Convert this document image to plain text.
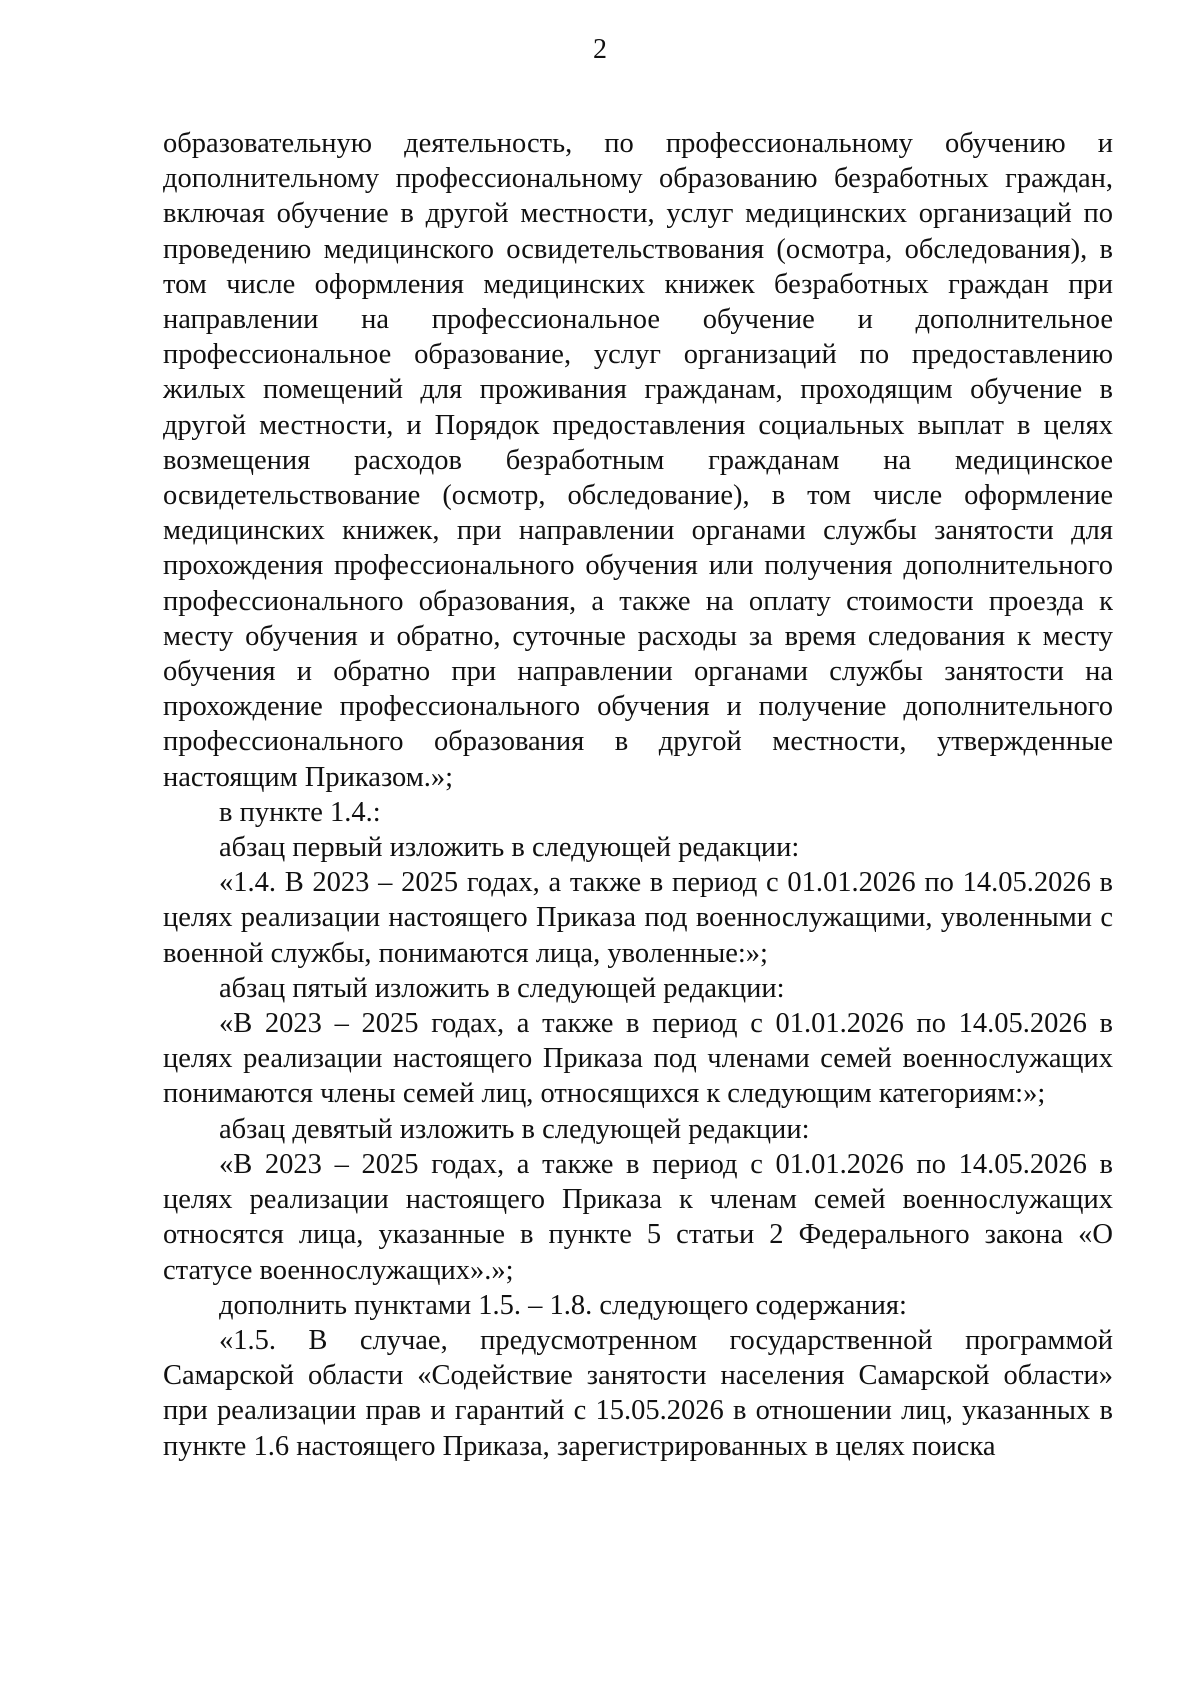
2

образовательную деятельность, по профессиональному обучению и дополнительному профессиональному образованию безработных граждан, включая обучение в другой местности, услуг медицинских организаций по проведению медицинского освидетельствования (осмотра, обследования), в том числе оформления медицинских книжек безработных граждан при направлении на профессиональное обучение и дополнительное профессиональное образование, услуг организаций по предоставлению жилых помещений для проживания гражданам, проходящим обучение в другой местности, и Порядок предоставления социальных выплат в целях возмещения расходов безработным гражданам на медицинское освидетельствование (осмотр, обследование), в том числе оформление медицинских книжек, при направлении органами службы занятости для прохождения профессионального обучения или получения дополнительного профессионального образования, а также на оплату стоимости проезда к месту обучения и обратно, суточные расходы за время следования к месту обучения и обратно при направлении органами службы занятости на прохождение профессионального обучения и получение дополнительного профессионального образования в другой местности, утвержденные настоящим Приказом.»;

в пункте 1.4.:

абзац первый изложить в следующей редакции:

«1.4. В 2023 – 2025 годах, а также в период с 01.01.2026 по 14.05.2026 в целях реализации настоящего Приказа под военнослужащими, уволенными с военной службы, понимаются лица, уволенные:»;

абзац пятый изложить в следующей редакции:

«В 2023 – 2025 годах, а также в период с 01.01.2026 по 14.05.2026 в целях реализации настоящего Приказа под членами семей военнослужащих понимаются члены семей лиц, относящихся к следующим категориям:»;

абзац девятый изложить в следующей редакции:

«В 2023 – 2025 годах, а также в период с 01.01.2026 по 14.05.2026 в целях реализации настоящего Приказа к членам семей военнослужащих относятся лица, указанные в пункте 5 статьи 2 Федерального закона «О статусе военнослужащих».»;

дополнить пунктами 1.5. – 1.8. следующего содержания:

«1.5. В случае, предусмотренном государственной программой Самарской области «Содействие занятости населения Самарской области» при реализации прав и гарантий с 15.05.2026 в отношении лиц, указанных в пункте 1.6 настоящего Приказа, зарегистрированных в целях поиска
